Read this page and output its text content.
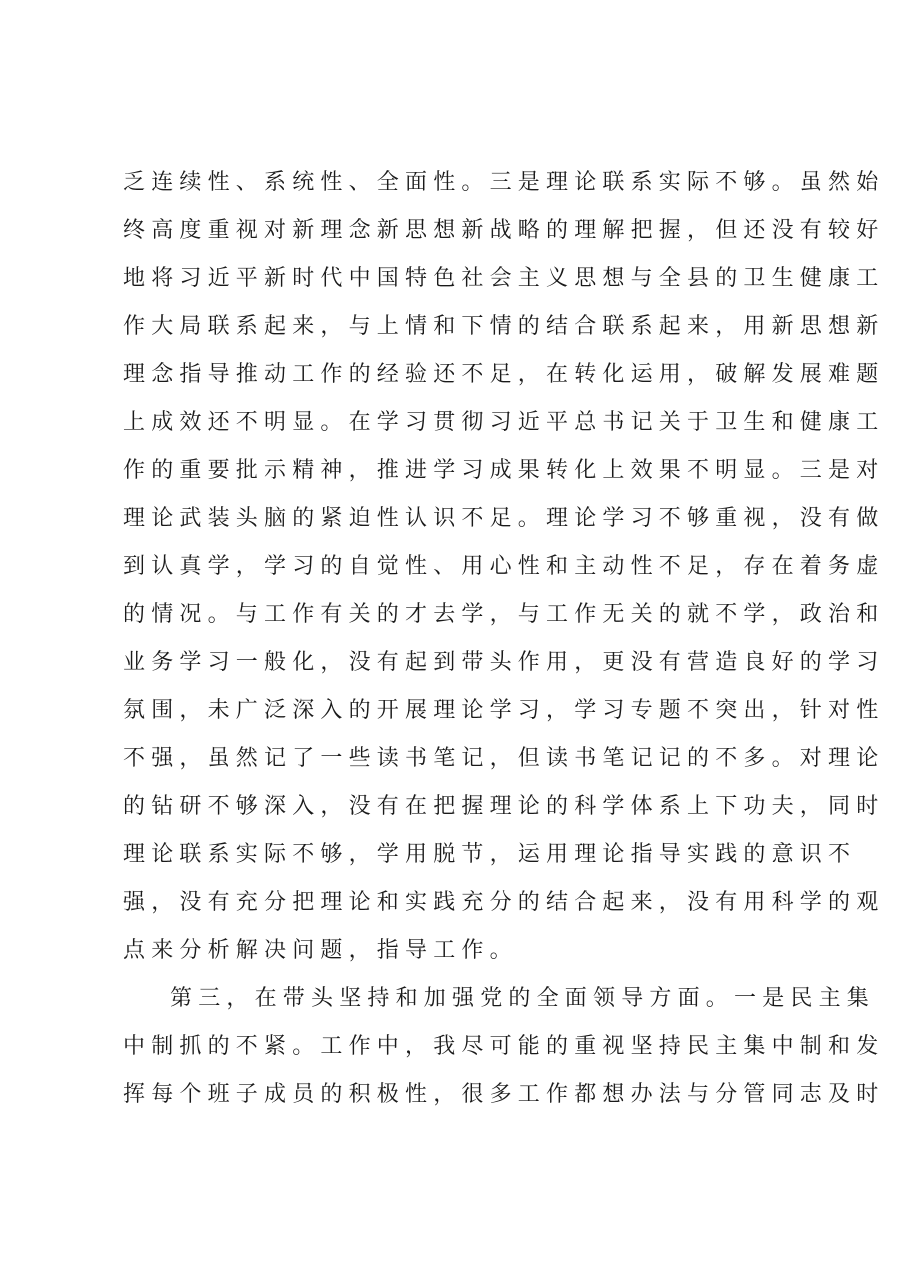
乏连续性、系统性、全面性。三是理论联系实际不够。虽然始
终高度重视对新理念新思想新战略的理解把握，但还没有较好
地将习近平新时代中国特色社会主义思想与全县的卫生健康工
作大局联系起来，与上情和下情的结合联系起来，用新思想新
理念指导推动工作的经验还不足，在转化运用，破解发展难题
上成效还不明显。在学习贯彻习近平总书记关于卫生和健康工
作的重要批示精神，推进学习成果转化上效果不明显。三是对
理论武装头脑的紧迫性认识不足。理论学习不够重视，没有做
到认真学，学习的自觉性、用心性和主动性不足，存在着务虚
的情况。与工作有关的才去学，与工作无关的就不学，政治和
业务学习一般化，没有起到带头作用，更没有营造良好的学习
氛围，未广泛深入的开展理论学习，学习专题不突出，针对性
不强，虽然记了一些读书笔记，但读书笔记记的不多。对理论
的钻研不够深入，没有在把握理论的科学体系上下功夫，同时
理论联系实际不够，学用脱节，运用理论指导实践的意识不
强，没有充分把理论和实践充分的结合起来，没有用科学的观
点来分析解决问题，指导工作。
第三，在带头坚持和加强党的全面领导方面。一是民主集
中制抓的不紧。工作中，我尽可能的重视坚持民主集中制和发
挥每个班子成员的积极性，很多工作都想办法与分管同志及时
